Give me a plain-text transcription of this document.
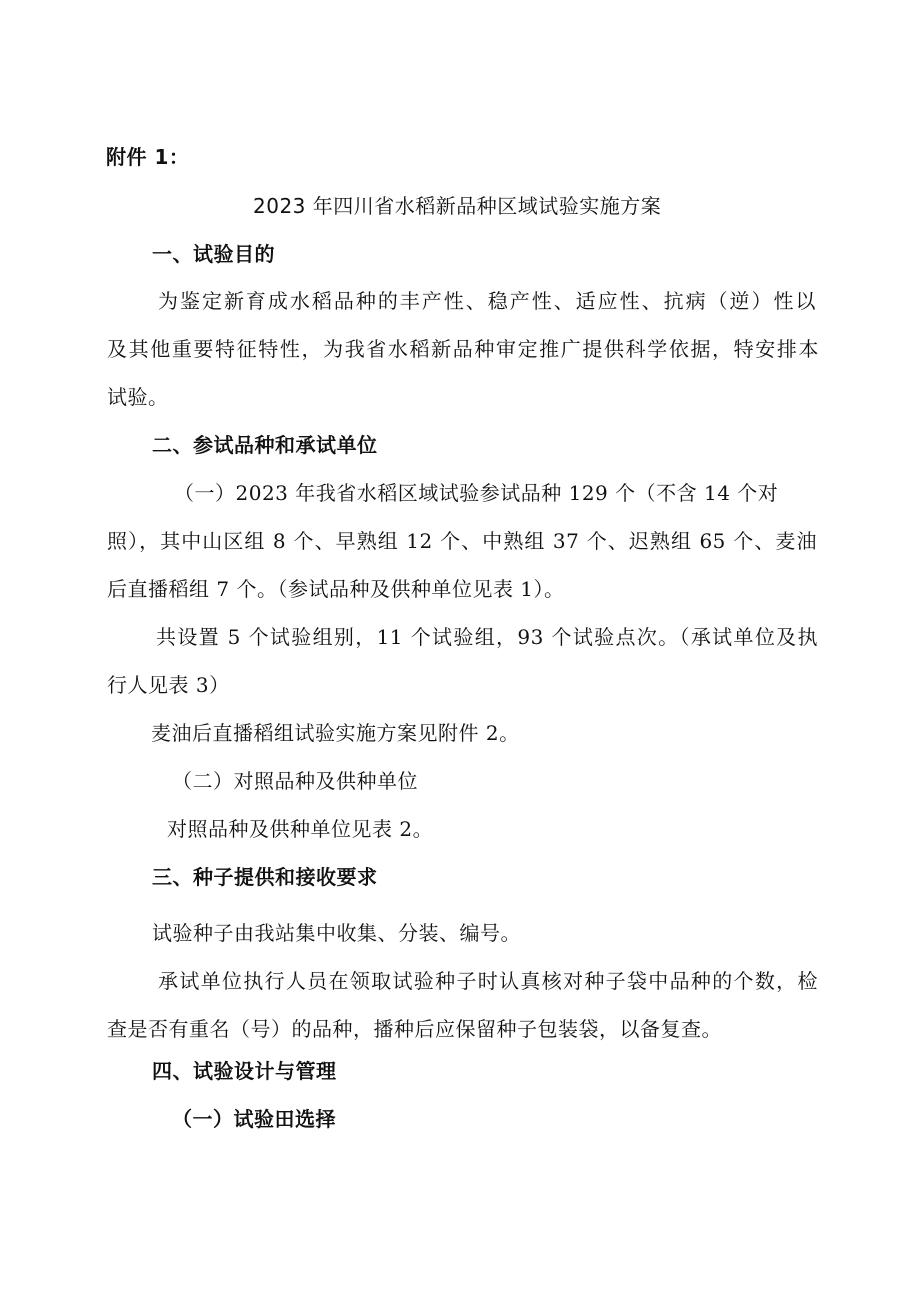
附件 1：

2023 年四川省水稻新品种区域试验实施方案

一、试验目的

为鉴定新育成水稻品种的丰产性、稳产性、适应性、抗病（逆）性以

及其他重要特征特性，为我省水稻新品种审定推广提供科学依据，特安排本

试验。

二、参试品种和承试单位

（一）2023 年我省水稻区域试验参试品种 129 个（不含 14 个对

照），其中山区组 8 个、早熟组 12 个、中熟组 37 个、迟熟组 65 个、麦油

后直播稻组 7 个。（参试品种及供种单位见表 1）。

共设置 5 个试验组别，11 个试验组，93 个试验点次。（承试单位及执

行人见表 3）

麦油后直播稻组试验实施方案见附件 2。

（二）对照品种及供种单位

对照品种及供种单位见表 2。

三、种子提供和接收要求

试验种子由我站集中收集、分装、编号。

承试单位执行人员在领取试验种子时认真核对种子袋中品种的个数，检

查是否有重名（号）的品种，播种后应保留种子包装袋，以备复查。

四、试验设计与管理

（一）试验田选择
